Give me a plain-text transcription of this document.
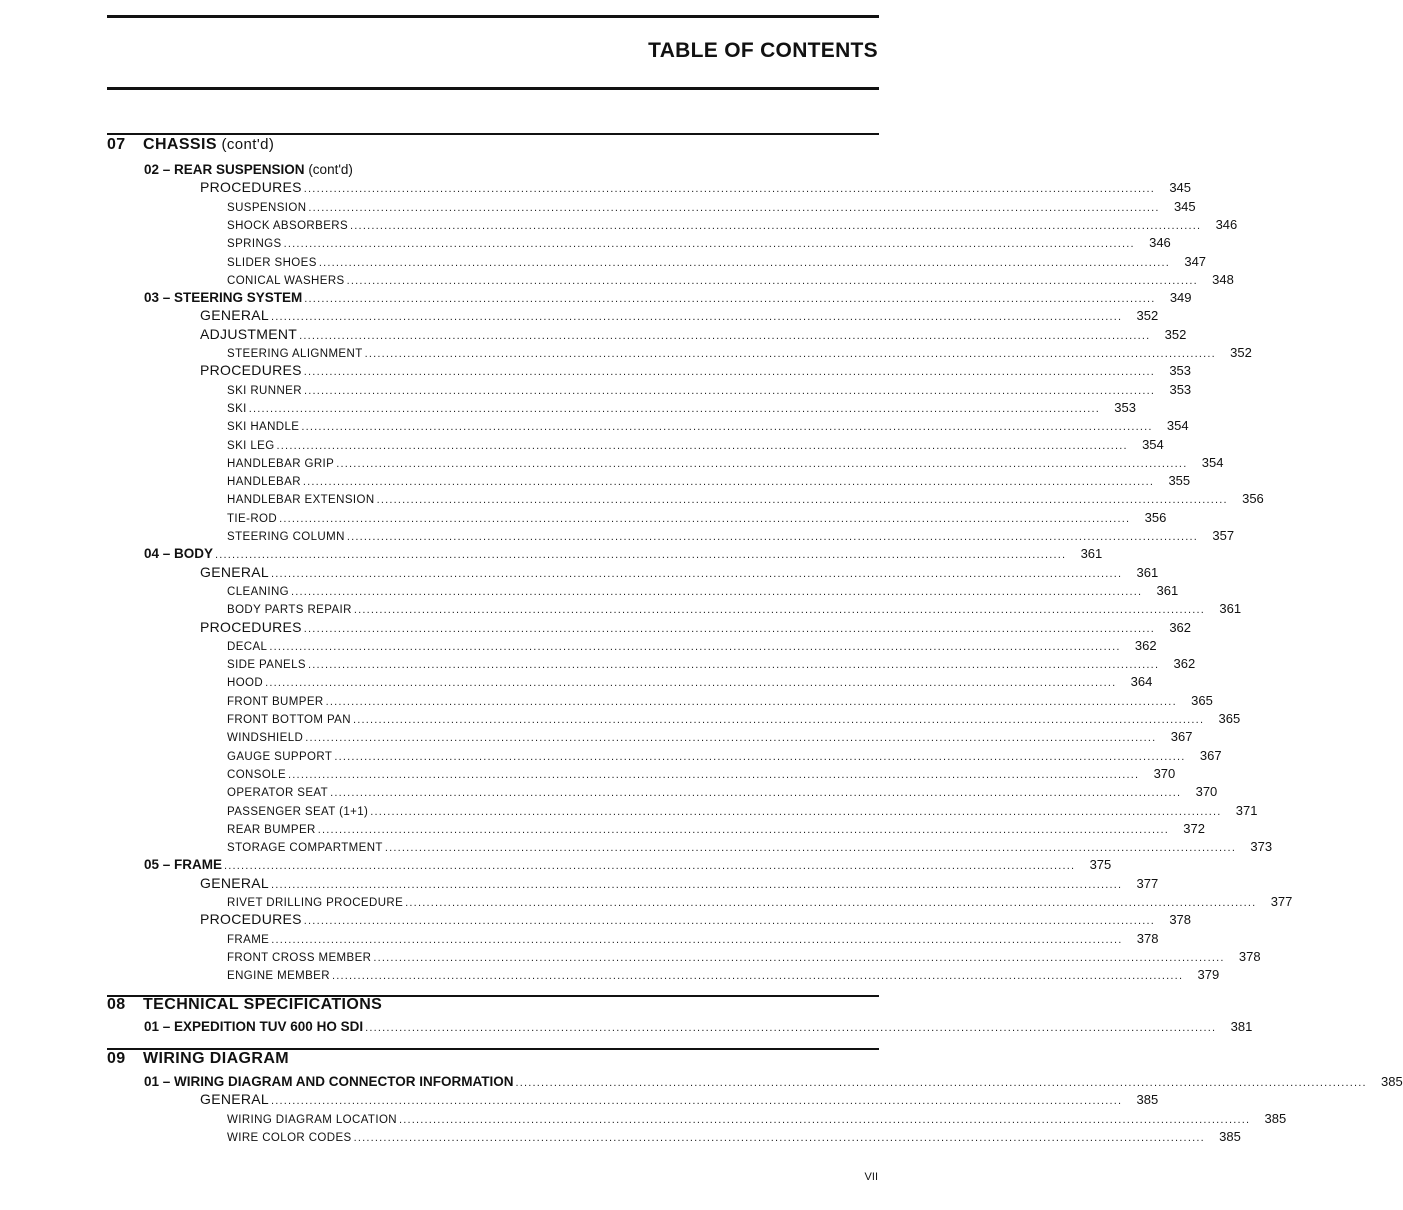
TABLE OF CONTENTS
07 CHASSIS (cont'd)
02 – REAR SUSPENSION (cont'd)
PROCEDURES ........................................................................................................................................................................................................	345
SUSPENSION ........................................................................................................................................................................................................	345
SHOCK ABSORBERS ........................................................................................................................................................................................................	346
SPRINGS ........................................................................................................................................................................................................	346
SLIDER SHOES ........................................................................................................................................................................................................	347
CONICAL WASHERS ........................................................................................................................................................................................................	348
03 – STEERING SYSTEM ........................................................................................................................................................................................................	349
GENERAL ........................................................................................................................................................................................................	352
ADJUSTMENT ........................................................................................................................................................................................................	352
STEERING ALIGNMENT ........................................................................................................................................................................................................	352
PROCEDURES ........................................................................................................................................................................................................	353
SKI RUNNER ........................................................................................................................................................................................................	353
SKI ........................................................................................................................................................................................................	353
SKI HANDLE ........................................................................................................................................................................................................	354
SKI LEG ........................................................................................................................................................................................................	354
HANDLEBAR GRIP ........................................................................................................................................................................................................	354
HANDLEBAR ........................................................................................................................................................................................................	355
HANDLEBAR EXTENSION ........................................................................................................................................................................................................	356
TIE-ROD ........................................................................................................................................................................................................	356
STEERING COLUMN ........................................................................................................................................................................................................	357
04 – BODY ........................................................................................................................................................................................................	361
GENERAL ........................................................................................................................................................................................................	361
CLEANING ........................................................................................................................................................................................................	361
BODY PARTS REPAIR ........................................................................................................................................................................................................	361
PROCEDURES ........................................................................................................................................................................................................	362
DECAL ........................................................................................................................................................................................................	362
SIDE PANELS ........................................................................................................................................................................................................	362
HOOD ........................................................................................................................................................................................................	364
FRONT BUMPER ........................................................................................................................................................................................................	365
FRONT BOTTOM PAN ........................................................................................................................................................................................................	365
WINDSHIELD ........................................................................................................................................................................................................	367
GAUGE SUPPORT ........................................................................................................................................................................................................	367
CONSOLE ........................................................................................................................................................................................................	370
OPERATOR SEAT ........................................................................................................................................................................................................	370
PASSENGER SEAT (1+1) ........................................................................................................................................................................................................	371
REAR BUMPER ........................................................................................................................................................................................................	372
STORAGE COMPARTMENT ........................................................................................................................................................................................................	373
05 – FRAME ........................................................................................................................................................................................................	375
GENERAL ........................................................................................................................................................................................................	377
RIVET DRILLING PROCEDURE ........................................................................................................................................................................................................	377
PROCEDURES ........................................................................................................................................................................................................	378
FRAME ........................................................................................................................................................................................................	378
FRONT CROSS MEMBER ........................................................................................................................................................................................................	378
ENGINE MEMBER ........................................................................................................................................................................................................	379
08 TECHNICAL SPECIFICATIONS
01 – EXPEDITION TUV 600 HO SDI ........................................................................................................................................................................................................	381
09 WIRING DIAGRAM
01 – WIRING DIAGRAM AND CONNECTOR INFORMATION ........................................................................................................................................................................................................	385
GENERAL ........................................................................................................................................................................................................	385
WIRING DIAGRAM LOCATION ........................................................................................................................................................................................................	385
WIRE COLOR CODES ........................................................................................................................................................................................................	385
VII
